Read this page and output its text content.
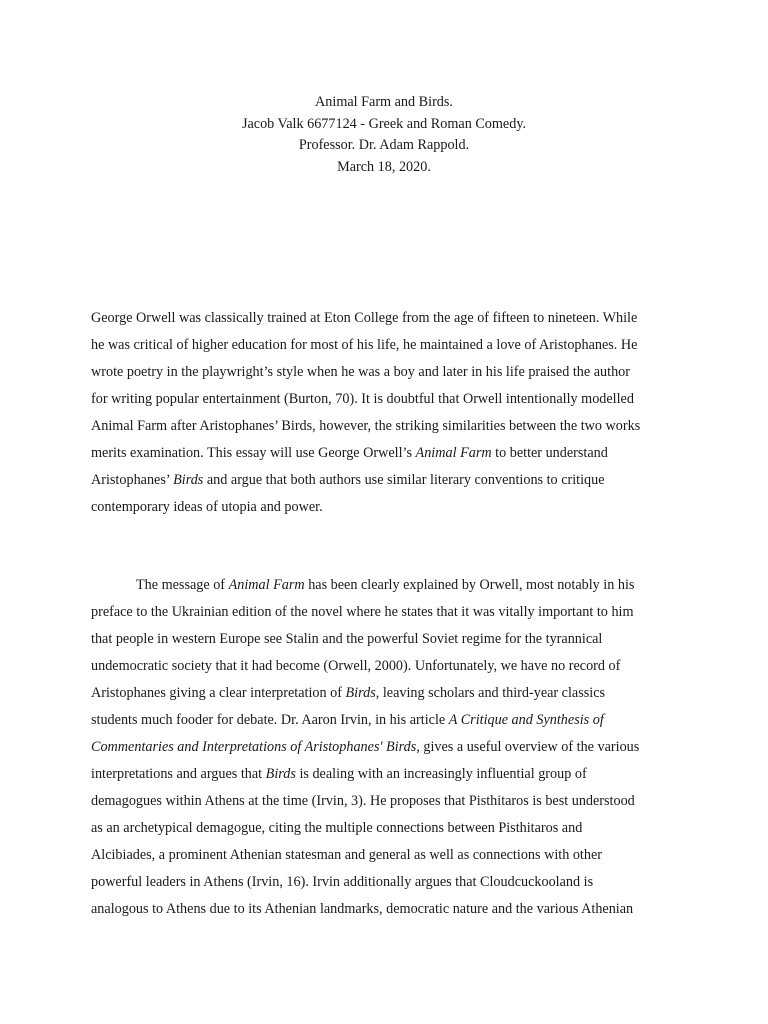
Animal Farm and Birds.
Jacob Valk 6677124 - Greek and Roman Comedy.
Professor. Dr. Adam Rappold.
March 18, 2020.
George Orwell was classically trained at Eton College from the age of fifteen to nineteen. While
he was critical of higher education for most of his life, he maintained a love of Aristophanes. He
wrote poetry in the playwright’s style when he was a boy and later in his life praised the author
for writing popular entertainment (Burton, 70). It is doubtful that Orwell intentionally modelled
Animal Farm after Aristophanes’ Birds, however, the striking similarities between the two works
merits examination. This essay will use George Orwell’s Animal Farm to better understand
Aristophanes’ Birds and argue that both authors use similar literary conventions to critique
contemporary ideas of utopia and power.
The message of Animal Farm has been clearly explained by Orwell, most notably in his
preface to the Ukrainian edition of the novel where he states that it was vitally important to him
that people in western Europe see Stalin and the powerful Soviet regime for the tyrannical
undemocratic society that it had become (Orwell, 2000). Unfortunately, we have no record of
Aristophanes giving a clear interpretation of Birds, leaving scholars and third-year classics
students much fooder for debate. Dr. Aaron Irvin, in his article A Critique and Synthesis of
Commentaries and Interpretations of Aristophanes' Birds, gives a useful overview of the various
interpretations and argues that Birds is dealing with an increasingly influential group of
demagogues within Athens at the time (Irvin, 3). He proposes that Pisthitaros is best understood
as an archetypical demagogue, citing the multiple connections between Pisthitaros and
Alcibiades, a prominent Athenian statesman and general as well as connections with other
powerful leaders in Athens (Irvin, 16). Irvin additionally argues that Cloudcuckooland is
analogous to Athens due to its Athenian landmarks, democratic nature and the various Athenian
